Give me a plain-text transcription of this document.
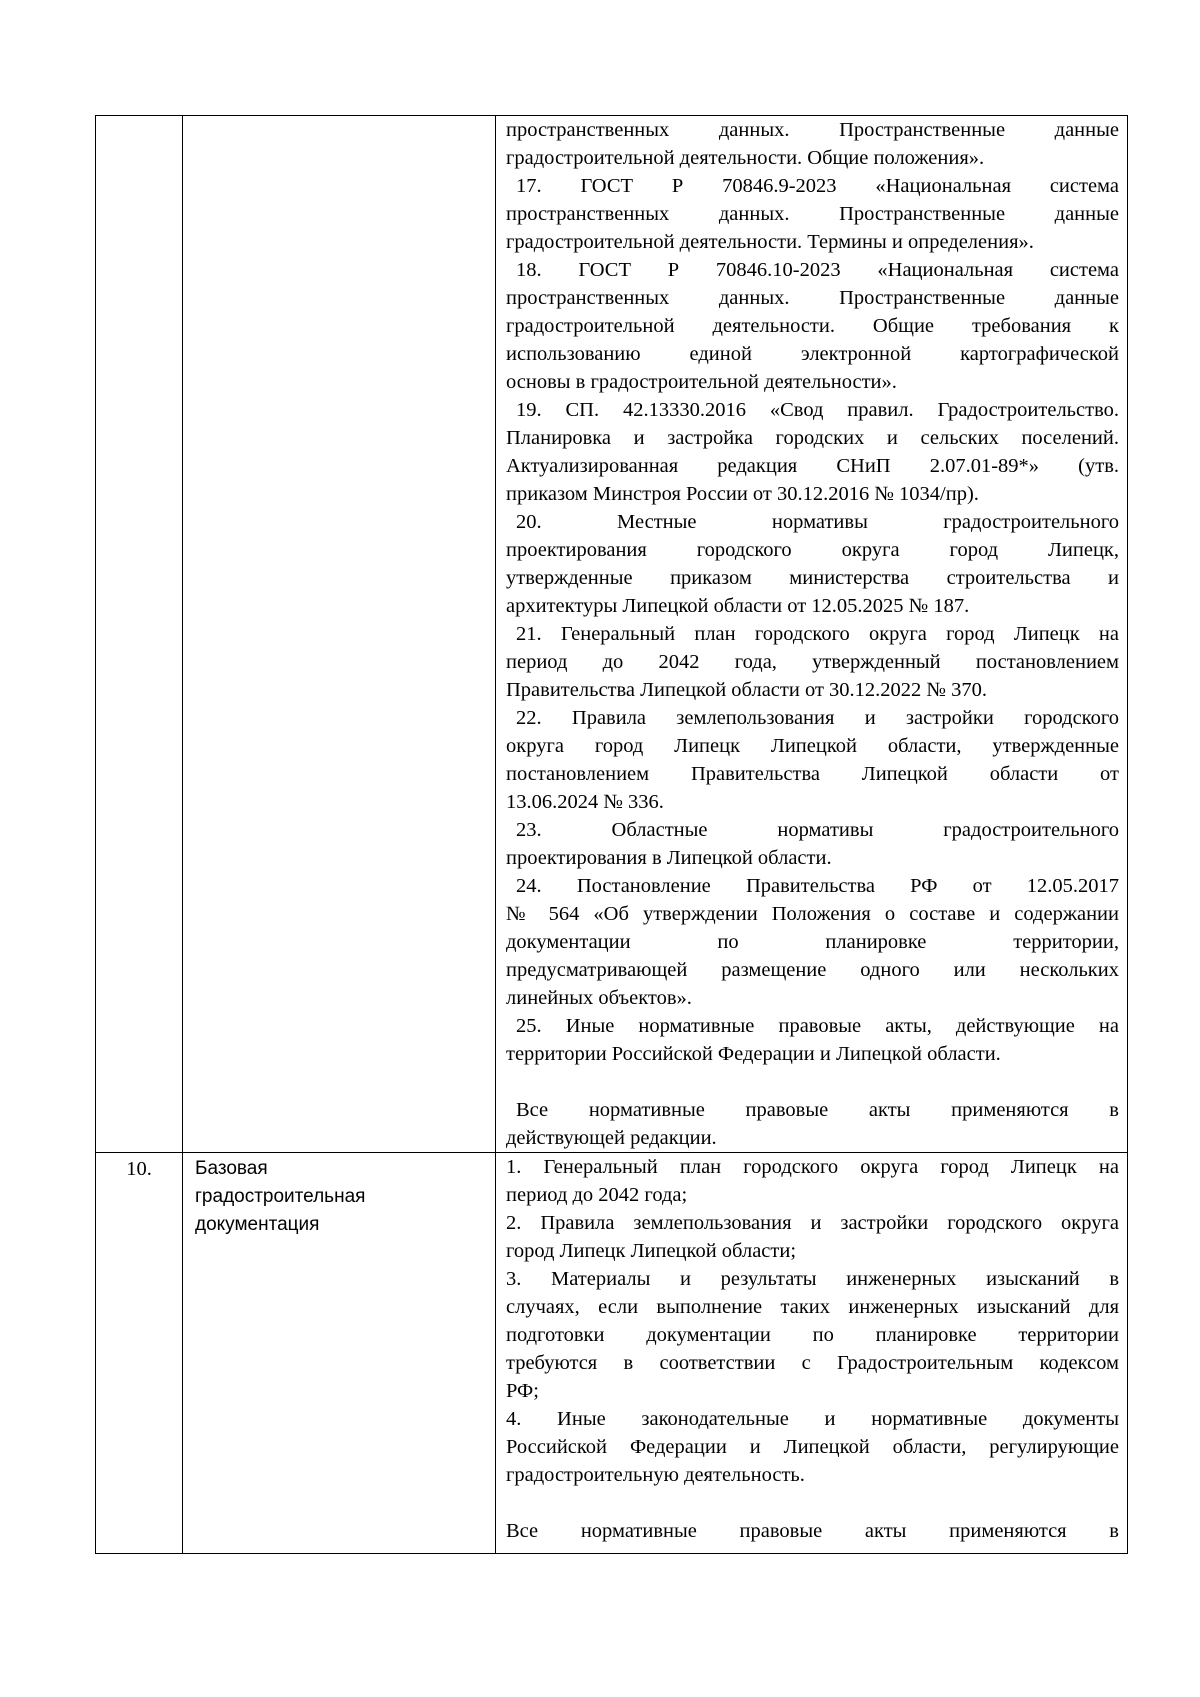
пространственных данных. Пространственные данные
градостроительной деятельности. Общие положения».
17. ГОСТ Р 70846.9-2023 «Национальная система
пространственных данных. Пространственные данные
градостроительной деятельности. Термины и определения».
18. ГОСТ Р 70846.10-2023 «Национальная система
пространственных данных. Пространственные данные
градостроительной деятельности. Общие требования к
использованию единой электронной картографической
основы в градостроительной деятельности».
19. СП. 42.13330.2016 «Свод правил. Градостроительство.
Планировка и застройка городских и сельских поселений.
Актуализированная редакция СНиП 2.07.01-89*» (утв.
приказом Минстроя России от 30.12.2016 № 1034/пр).
20. Местные нормативы градостроительного
проектирования городского округа город Липецк,
утвержденные приказом министерства строительства и
архитектуры Липецкой области от 12.05.2025 № 187.
21. Генеральный план городского округа город Липецк на
период до 2042 года, утвержденный постановлением
Правительства Липецкой области от 30.12.2022 № 370.
22. Правила землепользования и застройки городского
округа город Липецк Липецкой области, утвержденные
постановлением Правительства Липецкой области от
13.06.2024 № 336.
23. Областные нормативы градостроительного
проектирования в Липецкой области.
24. Постановление Правительства РФ от 12.05.2017
№ 564 «Об утверждении Положения о составе и содержании
документации по планировке территории,
предусматривающей размещение одного или нескольких
линейных объектов».
25. Иные нормативные правовые акты, действующие на
территории Российской Федерации и Липецкой области.
Все нормативные правовые акты применяются в
действующей редакции.
10.	Базовая
градостроительная
документация
1. Генеральный план городского округа город Липецк на
период до 2042 года;
2. Правила землепользования и застройки городского округа
город Липецк Липецкой области;
3. Материалы и результаты инженерных изысканий в
случаях, если выполнение таких инженерных изысканий для
подготовки документации по планировке территории
требуются в соответствии с Градостроительным кодексом
РФ;
4. Иные законодательные и нормативные документы
Российской Федерации и Липецкой области, регулирующие
градостроительную деятельность.
Все нормативные правовые акты применяются в
